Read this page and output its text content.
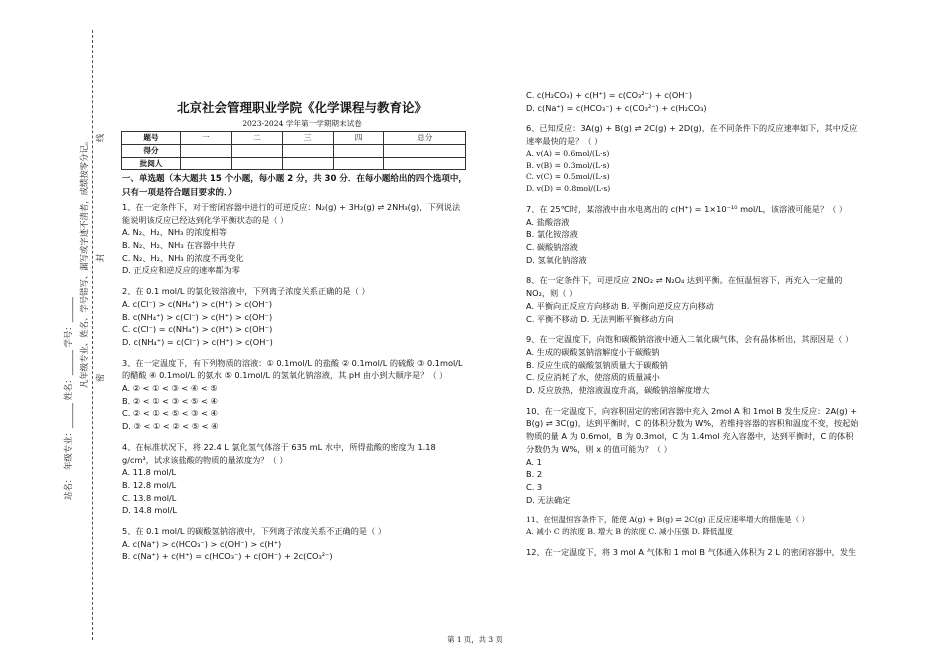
站名：
年级专业：______ 姓名：______ 学号：______ 凡年级专业、姓名、学号错写、漏写或字迹不清者，成绩按零分记。 密
封
线
北京社会管理职业学院《化学课程与教育论》
2023-2024 学年第一学期期末试卷
题号	一	二	三	四	总分
得分					
批阅人					

一、单选题（本大题共 15 个小题，每小题 2 分，共 30 分．在每小题给出的四个选项中，只有一项是符合题目要求的．）

1、在一定条件下，对于密闭容器中进行的可逆反应：N₂(g) + 3H₂(g) ⇌ 2NH₃(g)，下列说法能说明该反应已经达到化学平衡状态的是（ ）

A. N₂、H₂、NH₃ 的浓度相等

B. N₂、H₂、NH₃ 在容器中共存

C. N₂、H₂、NH₃ 的浓度不再变化

D. 正反应和逆反应的速率都为零

2、在 0.1 mol/L 的氯化铵溶液中，下列离子浓度关系正确的是（ ）

A. c(Cl⁻) > c(NH₄⁺) > c(H⁺) > c(OH⁻)

B. c(NH₄⁺) > c(Cl⁻) > c(H⁺) > c(OH⁻)

C. c(Cl⁻) = c(NH₄⁺) > c(H⁺) > c(OH⁻)

D. c(NH₄⁺) = c(Cl⁻) > c(H⁺) > c(OH⁻)

3、在一定温度下，有下列物质的溶液：① 0.1mol/L 的盐酸 ② 0.1mol/L 的硫酸 ③ 0.1mol/L 的醋酸 ④ 0.1mol/L 的氨水 ⑤ 0.1mol/L 的氢氧化钠溶液，其 pH 由小到大顺序是？（ ）

A. ② < ① < ③ < ④ < ⑤

B. ② < ① < ③ < ⑤ < ④

C. ② < ① < ⑤ < ③ < ④

D. ③ < ① < ② < ⑤ < ④

4、在标准状况下，将 22.4 L 氯化氢气体溶于 635 mL 水中，所得盐酸的密度为 1.18 g/cm³，试求该盐酸的物质的量浓度为？（ ）

A. 11.8 mol/L

B. 12.8 mol/L

C. 13.8 mol/L

D. 14.8 mol/L

5、在 0.1 mol/L 的碳酸氢钠溶液中，下列离子浓度关系不正确的是（ ）

A. c(Na⁺) > c(HCO₃⁻) > c(OH⁻) > c(H⁺)

B. c(Na⁺) + c(H⁺) = c(HCO₃⁻) + c(OH⁻) + 2c(CO₃²⁻)

C. c(H₂CO₃) + c(H⁺) = c(CO₃²⁻) + c(OH⁻)

D. c(Na⁺) = c(HCO₃⁻) + c(CO₃²⁻) + c(H₂CO₃)

6、已知反应：3A(g) + B(g) ⇌ 2C(g) + 2D(g)，在不同条件下的反应速率如下，其中反应速率最快的是？（ ）

A. v(A) = 0.6mol/(L·s)

B. v(B) = 0.3mol/(L·s)

C. v(C) = 0.5mol/(L·s)

D. v(D) = 0.8mol/(L·s)

7、在 25℃时，某溶液中由水电离出的 c(H⁺) = 1×10⁻¹⁰ mol/L，该溶液可能是？（ ）

A. 盐酸溶液

B. 氯化铵溶液

C. 碳酸钠溶液

D. 氢氧化钠溶液

8、在一定条件下，可逆反应 2NO₂ ⇌ N₂O₄ 达到平衡。在恒温恒容下，再充入一定量的 NO₂，则（ ）

A. 平衡向正反应方向移动 B. 平衡向逆反应方向移动

C. 平衡不移动 D. 无法判断平衡移动方向

9、在一定温度下，向饱和碳酸钠溶液中通入二氧化碳气体，会有晶体析出，其原因是（ ）

A. 生成的碳酸氢钠溶解度小于碳酸钠

B. 反应生成的碳酸氢钠质量大于碳酸钠

C. 反应消耗了水，使溶质的质量减小

D. 反应放热，使溶液温度升高，碳酸钠溶解度增大

10、在一定温度下，向容积固定的密闭容器中充入 2mol A 和 1mol B 发生反应：2A(g) + B(g) ⇌ 3C(g)，达到平衡时，C 的体积分数为 W%，若维持容器的容积和温度不变，按起始物质的量 A 为 0.6mol，B 为 0.3mol，C 为 1.4mol 充入容器中，达到平衡时，C 的体积分数仍为 W%，则 x 的值可能为？（ ）

A. 1

B. 2

C. 3

D. 无法确定

11、在恒温恒容条件下，能使 A(g) + B(g) ⇌ 2C(g) 正反应速率增大的措施是（ ）

A. 减小 C 的浓度 B. 增大 B 的浓度 C. 减小压强 D. 降低温度

12、在一定温度下，将 3 mol A 气体和 1 mol B 气体通入体积为 2 L 的密闭容器中，发生

第 1 页，共 3 页
